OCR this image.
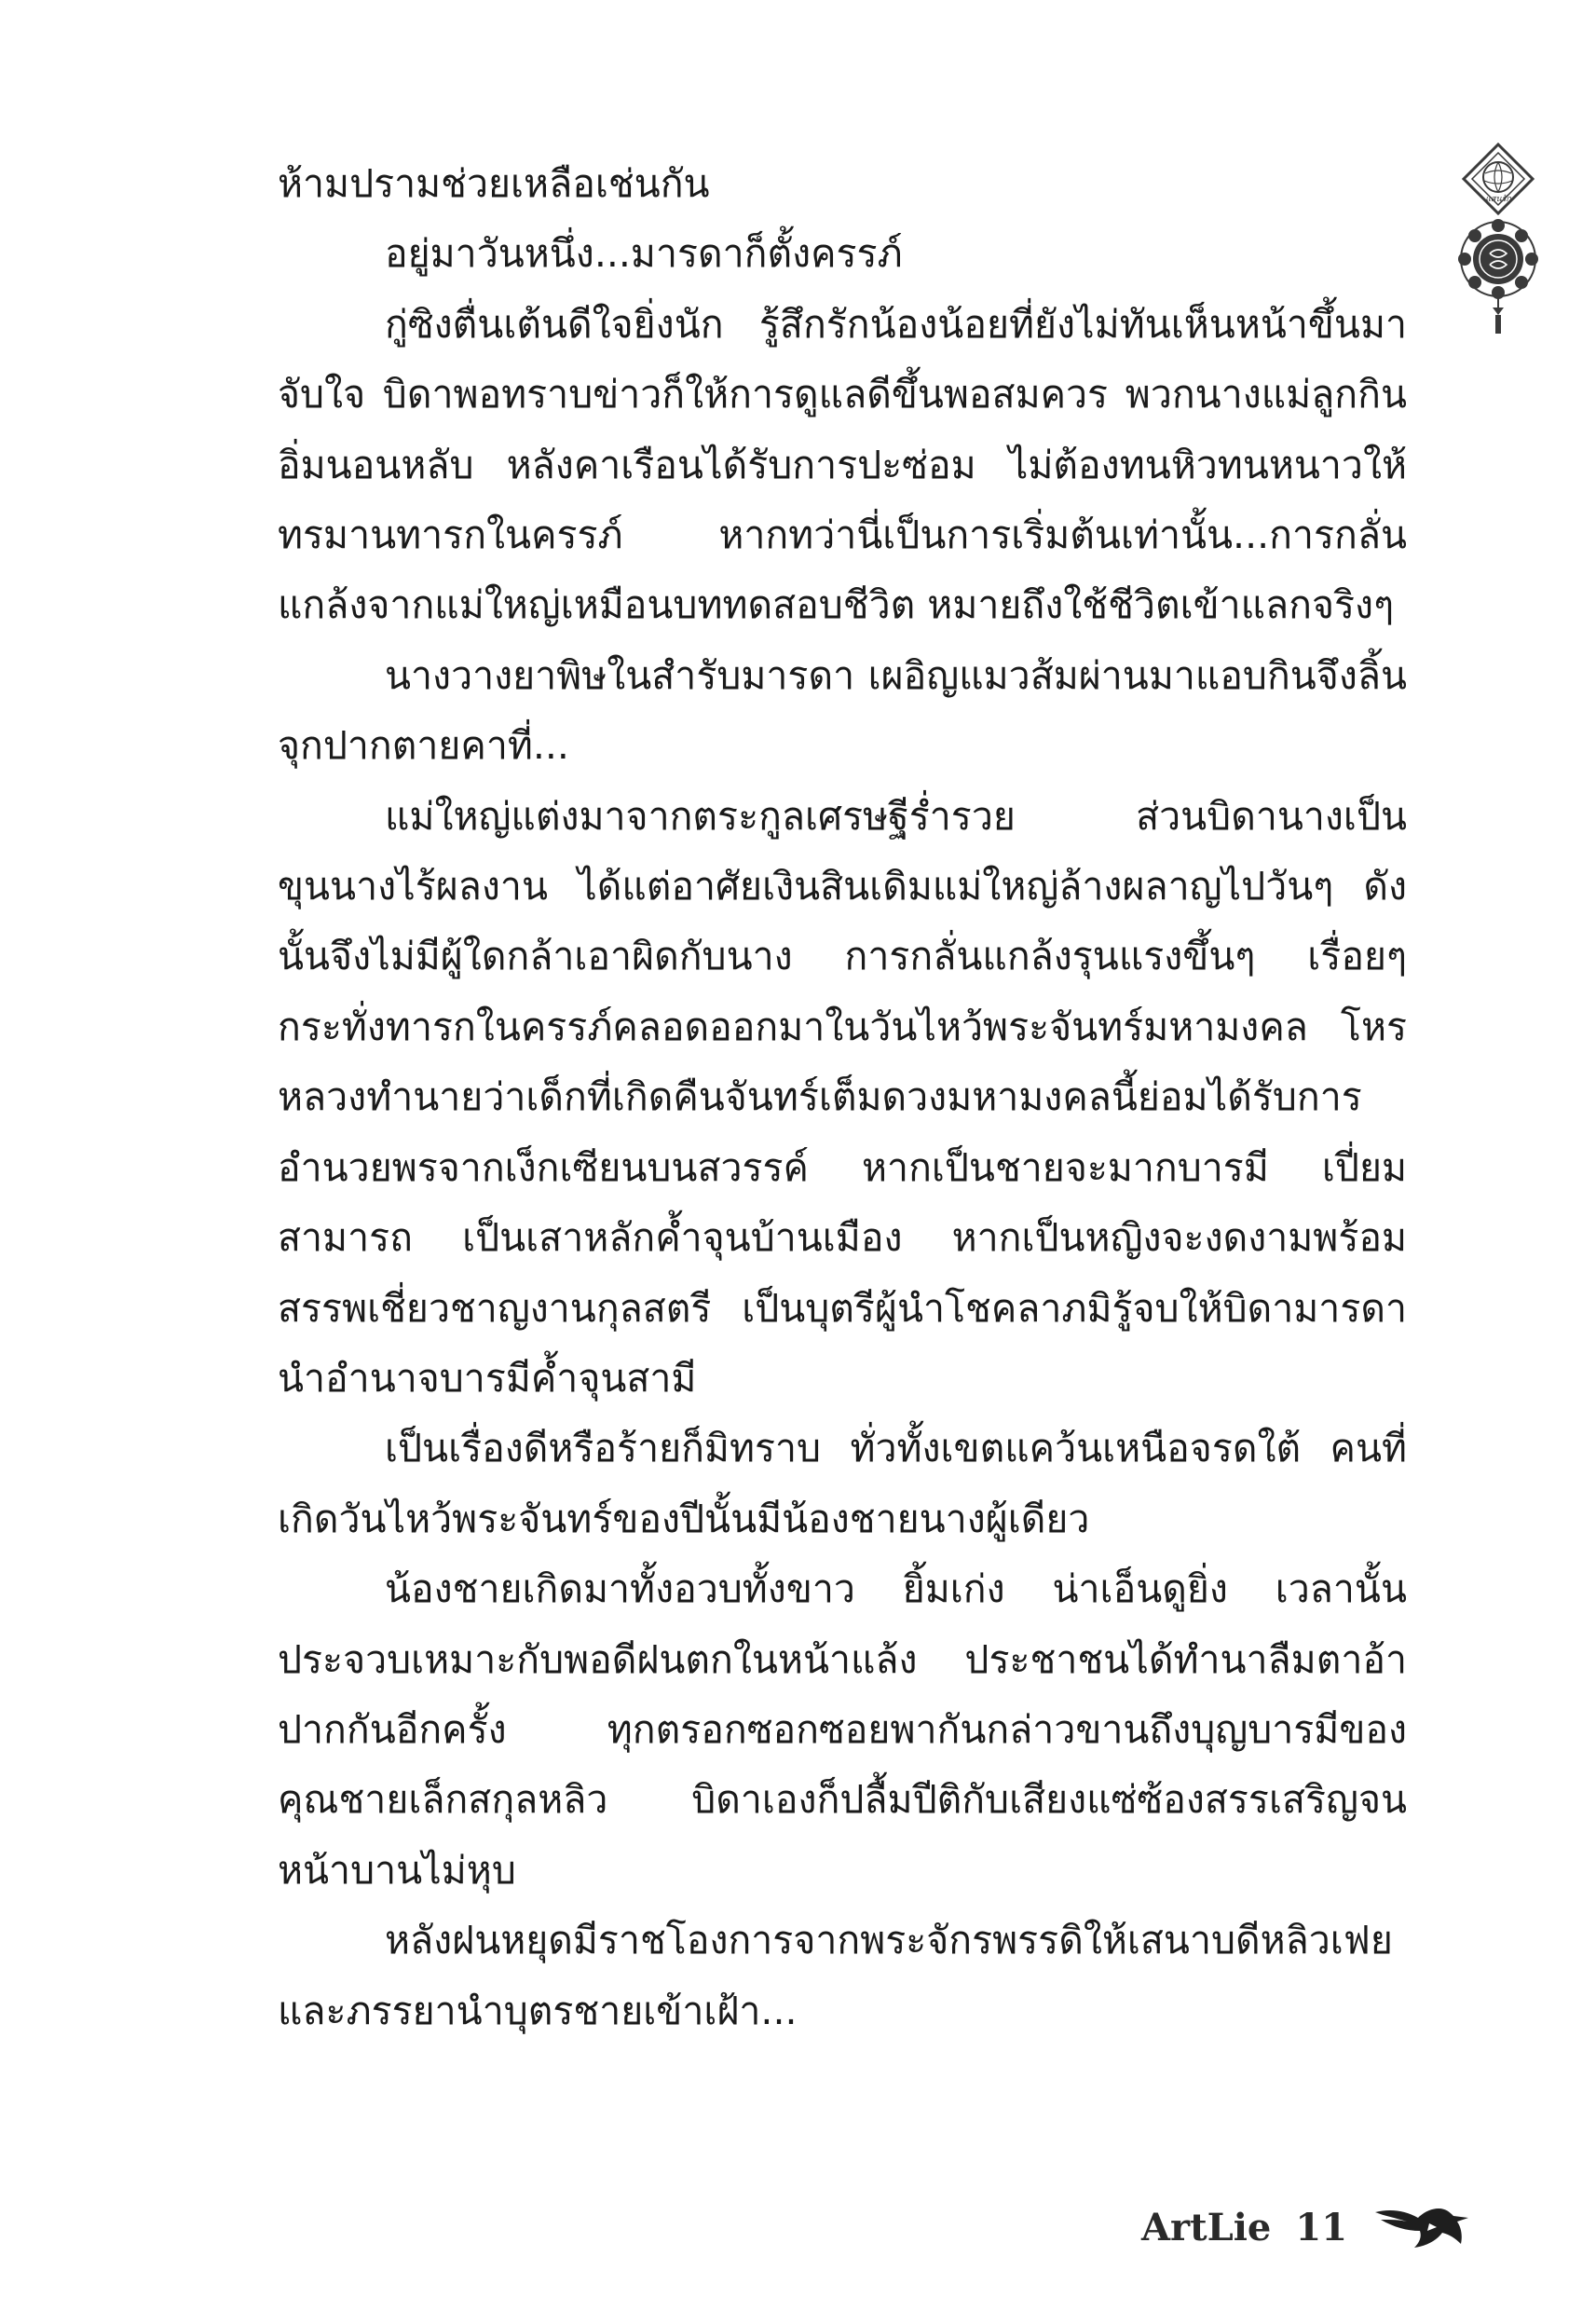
ห้ามปรามช่วยเหลือเช่นกัน

อยู่มาวันหนึ่ง...มารดาก็ตั้งครรภ์

กู่ซิงตื่นเต้นดีใจยิ่งนัก รู้สึกรักน้องน้อยที่ยังไม่ทันเห็นหน้าขึ้นมาจับใจ บิดาพอทราบข่าวก็ให้การดูแลดีขึ้นพอสมควร พวกนางแม่ลูกกินอิ่มนอนหลับ หลังคาเรือนได้รับการปะซ่อม ไม่ต้องทนหิวทนหนาวให้ทรมานทารกในครรภ์ หากทว่านี่เป็นการเริ่มต้นเท่านั้น...การกลั่นแกล้งจากแม่ใหญ่เหมือนบททดสอบชีวิต หมายถึงใช้ชีวิตเข้าแลกจริงๆ

นางวางยาพิษในสำรับมารดา เผอิญแมวส้มผ่านมาแอบกินจึงลิ้นจุกปากตายคาที่...

แม่ใหญ่แต่งมาจากตระกูลเศรษฐีร่ำรวย ส่วนบิดานางเป็นขุนนางไร้ผลงาน ได้แต่อาศัยเงินสินเดิมแม่ใหญ่ล้างผลาญไปวันๆ ดังนั้นจึงไม่มีผู้ใดกล้าเอาผิดกับนาง การกลั่นแกล้งรุนแรงขึ้นๆ เรื่อยๆ กระทั่งทารกในครรภ์คลอดออกมาในวันไหว้พระจันทร์มหามงคล โหรหลวงทำนายว่าเด็กที่เกิดคืนจันทร์เต็มดวงมหามงคลนี้ย่อมได้รับการอำนวยพรจากเง็กเซียนบนสวรรค์ หากเป็นชายจะมากบารมี เปี่ยมสามารถ เป็นเสาหลักค้ำจุนบ้านเมือง หากเป็นหญิงจะงดงามพร้อมสรรพเชี่ยวชาญงานกุลสตรี เป็นบุตรีผู้นำโชคลาภมิรู้จบให้บิดามารดานำอำนาจบารมีค้ำจุนสามี

เป็นเรื่องดีหรือร้ายก็มิทราบ ทั่วทั้งเขตแคว้นเหนือจรดใต้ คนที่เกิดวันไหว้พระจันทร์ของปีนั้นมีน้องชายนางผู้เดียว

น้องชายเกิดมาทั้งอวบทั้งขาว ยิ้มเก่ง น่าเอ็นดูยิ่ง เวลานั้นประจวบเหมาะกับพอดีฝนตกในหน้าแล้ง ประชาชนได้ทำนาลืมตาอ้าปากกันอีกครั้ง ทุกตรอกซอกซอยพากันกล่าวขานถึงบุญบารมีของคุณชายเล็กสกุลหลิว บิดาเองก็ปลื้มปีติกับเสียงแซ่ซ้องสรรเสริญจนหน้าบานไม่หุบ

หลังฝนหยุดมีราชโองการจากพระจักรพรรดิให้เสนาบดีหลิวเฟยและภรรยานำบุตรชายเข้าเฝ้า...

แสนรัก
ArtLie 11
